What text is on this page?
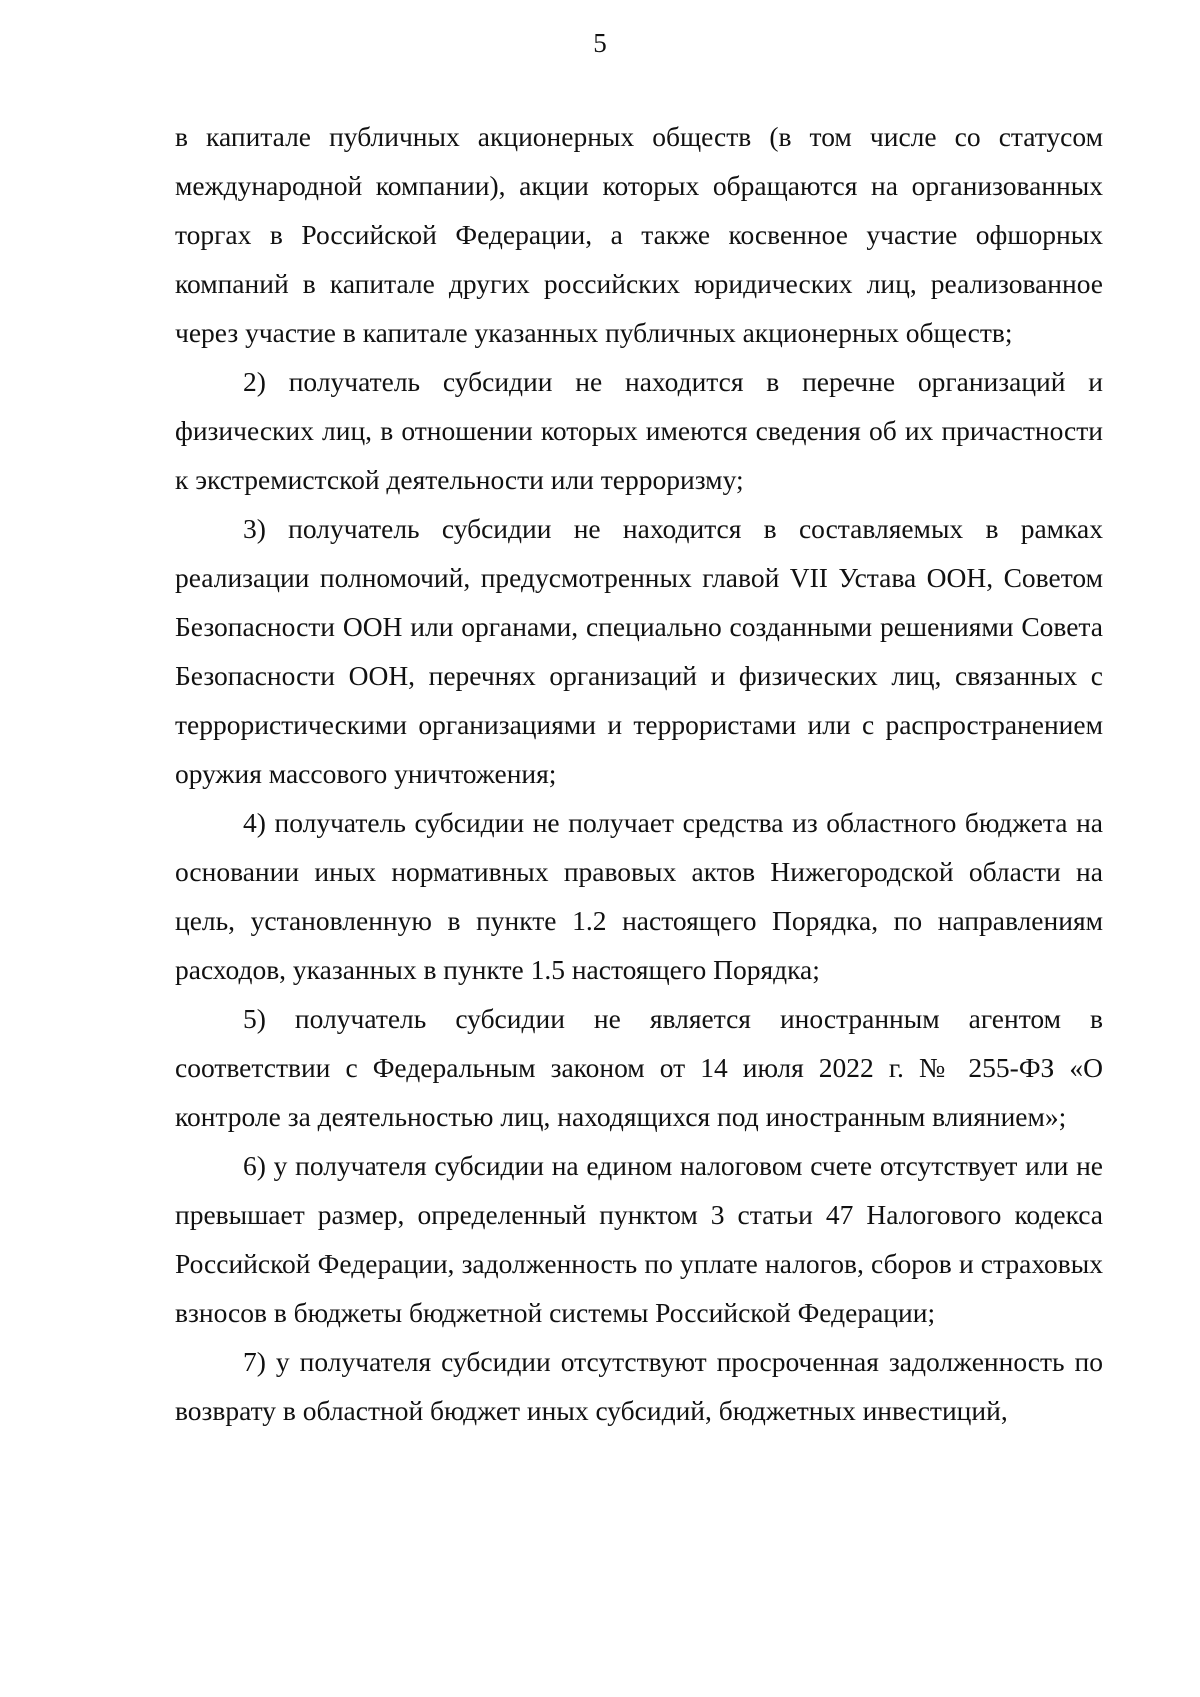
5

в капитале публичных акционерных обществ (в том числе со статусом международной компании), акции которых обращаются на организованных торгах в Российской Федерации, а также косвенное участие офшорных компаний в капитале других российских юридических лиц, реализованное через участие в капитале указанных публичных акционерных обществ;

2) получатель субсидии не находится в перечне организаций и физических лиц, в отношении которых имеются сведения об их причастности к экстремистской деятельности или терроризму;

3) получатель субсидии не находится в составляемых в рамках реализации полномочий, предусмотренных главой VII Устава ООН, Советом Безопасности ООН или органами, специально созданными решениями Совета Безопасности ООН, перечнях организаций и физических лиц, связанных с террористическими организациями и террористами или с распространением оружия массового уничтожения;

4) получатель субсидии не получает средства из областного бюджета на основании иных нормативных правовых актов Нижегородской области на цель, установленную в пункте 1.2 настоящего Порядка, по направлениям расходов, указанных в пункте 1.5 настоящего Порядка;

5) получатель субсидии не является иностранным агентом в соответствии с Федеральным законом от 14 июля 2022 г. № 255-ФЗ «О контроле за деятельностью лиц, находящихся под иностранным влиянием»;

6) у получателя субсидии на едином налоговом счете отсутствует или не превышает размер, определенный пунктом 3 статьи 47 Налогового кодекса Российской Федерации, задолженность по уплате налогов, сборов и страховых взносов в бюджеты бюджетной системы Российской Федерации;

7) у получателя субсидии отсутствуют просроченная задолженность по возврату в областной бюджет иных субсидий, бюджетных инвестиций,
